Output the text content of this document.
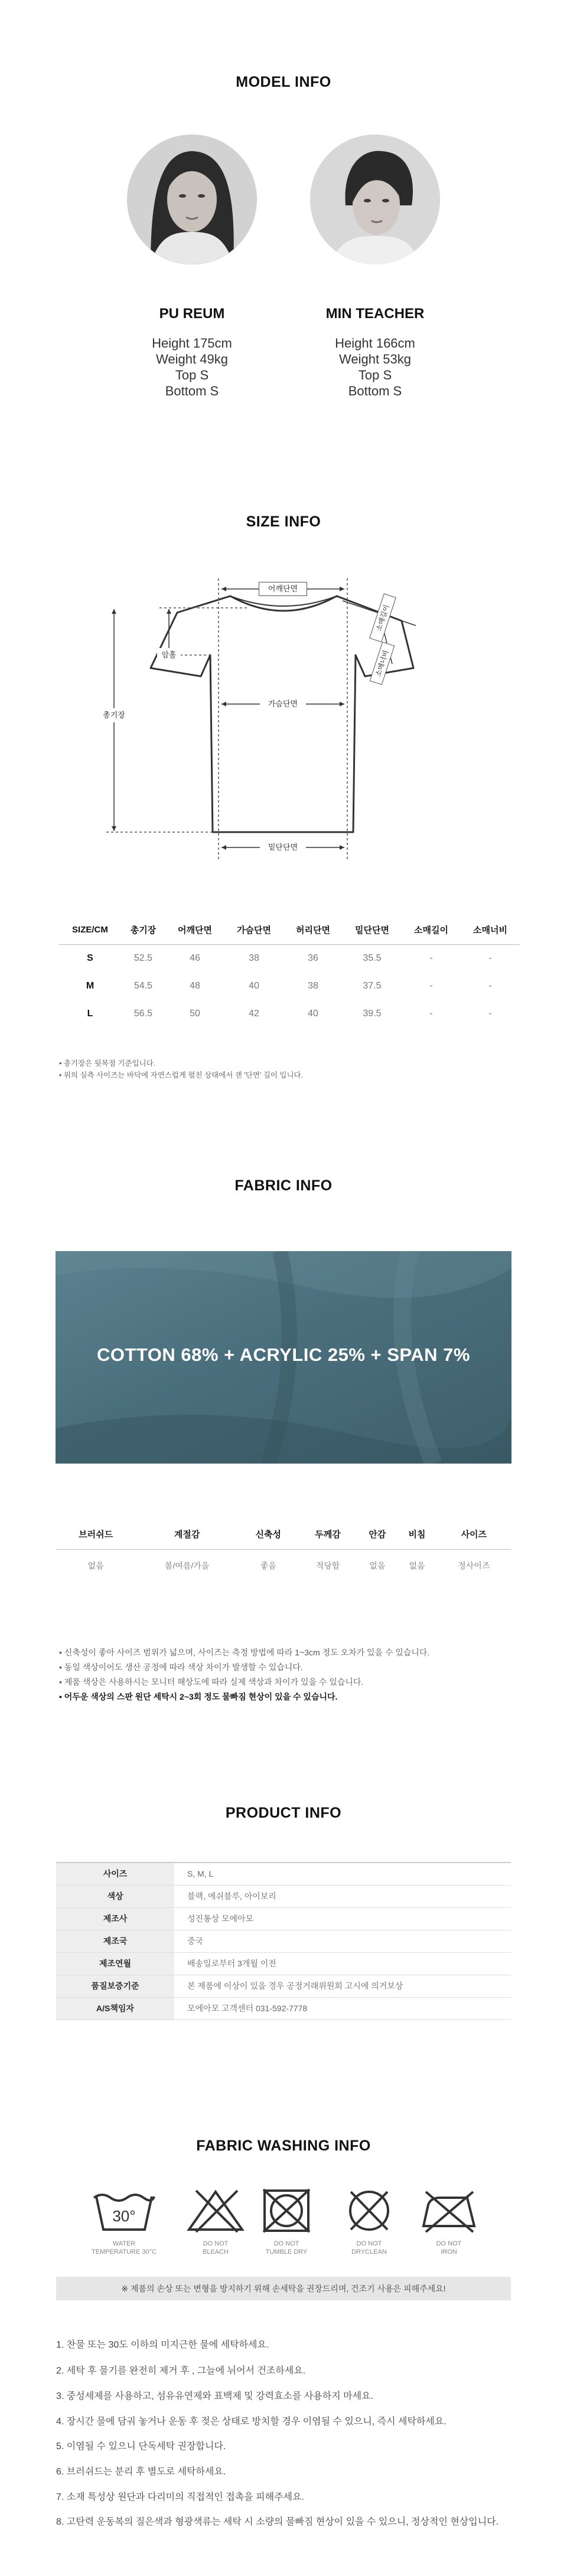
MODEL INFO
PU REUM
Height 175cm
Weight 49kg
Top S
Bottom S
MIN TEACHER
Height 166cm
Weight 53kg
Top S
Bottom S
SIZE INFO
어깨단면
가슴단면
밑단단면
암홀
총기장
소매길이
소매너비
SIZE/CM	총기장	어깨단면	가슴단면	허리단면	밑단단면	소매길이	소매너비
S	52.5	46	38	36	35.5	-	-
M	54.5	48	40	38	37.5	-	-
L	56.5	50	42	40	39.5	-	-
• 총기장은 뒷목점 기준입니다.
• 위의 실측 사이즈는 바닥에 자연스럽게 펼친 상태에서 잰 '단면' 길이 입니다.
FABRIC INFO
COTTON 68% + ACRYLIC 25% + SPAN 7%
브러쉬드	계절감	신축성	두께감	안감	비침	사이즈
없음	봄/여름/가을	좋음	적당함	없음	없음	정사이즈
• 신축성이 좋아 사이즈 범위가 넓으며, 사이즈는 측정 방법에 따라 1~3cm 정도 오차가 있을 수 있습니다.
• 동일 색상이어도 생산 공정에 따라 색상 차이가 발생할 수 있습니다.
• 제품 색상은 사용하시는 모니터 해상도에 따라 실제 색상과 차이가 있을 수 있습니다.
• 어두운 색상의 스판 원단 세탁시 2~3회 정도 물빠짐 현상이 있을 수 있습니다.
PRODUCT INFO
사이즈	S, M, L
색상	블랙, 에쉬블루, 아이보리
제조사	성진통상 모에아모
제조국	중국
제조연월	배송일로부터 3개월 이전
품질보증기준	본 제품에 이상이 있을 경우 공정거래위원회 고시에 의거보상
A/S책임자	모에아모 고객센터 031-592-7778
FABRIC WASHING INFO
30°
WATER
TEMPERATURE 30°C
DO NOT
BLEACH
DO NOT
TUMBLE DRY
DO NOT
DRYCLEAN
DO NOT
IRON
※ 제품의 손상 또는 변형을 방지하기 위해 손세탁을 권장드리며, 건조기 사용은 피해주세요!
1. 찬물 또는 30도 이하의 미지근한 물에 세탁하세요.
2. 세탁 후 물기를 완전히 제거 후 , 그늘에 뉘어서 건조하세요.
3. 중성세제를 사용하고, 섬유유연제와 표백제 및 강력효소를 사용하지 마세요.
4. 장시간 물에 담궈 놓거나 운동 후 젖은 상태로 방치할 경우 이염될 수 있으니, 즉시 세탁하세요.
5. 이염될 수 있으니 단독세탁 권장합니다.
6. 브러쉬드는 분리 후 별도로 세탁하세요.
7. 소재 특성상 원단과 다리미의 직접적인 접촉을 피해주세요.
8. 고탄력 운동복의 질은색과 형광색류는 세탁 시 소량의 물빠짐 현상이 있을 수 있으니, 정상적인 현상입니다.
